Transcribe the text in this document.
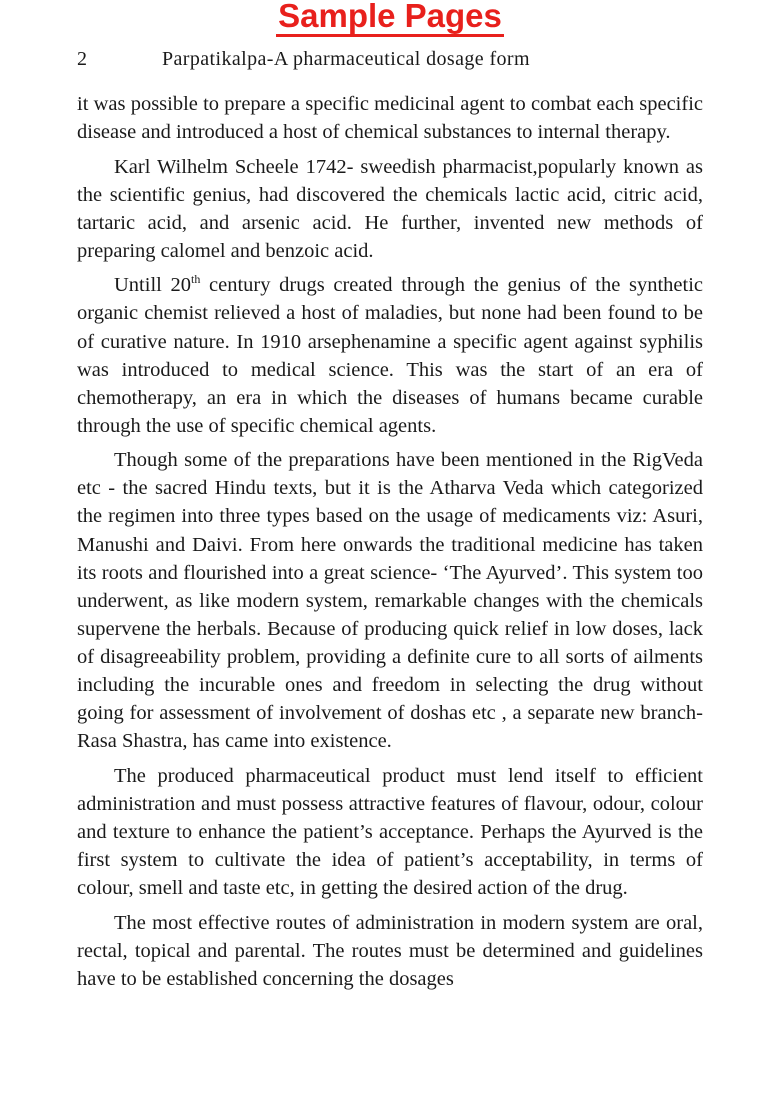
Sample Pages
2	Parpatikalpa-A pharmaceutical dosage form

it was possible to prepare a specific medicinal agent to combat each specific disease and introduced a host of chemical substances to internal therapy.

Karl Wilhelm Scheele 1742- sweedish pharmacist,popularly known as the scientific genius, had discovered the chemicals lactic acid, citric acid, tartaric acid, and arsenic acid. He further, invented new methods of preparing calomel and benzoic acid.

Untill 20th century drugs created through the genius of the synthetic organic chemist relieved a host of maladies, but none had been found to be of curative nature. In 1910 arsephenamine a specific agent against syphilis was introduced to medical science. This was the start of an era of chemotherapy, an era in which the diseases of humans became curable through the use of specific chemical agents.

Though some of the preparations have been mentioned in the RigVeda etc - the sacred Hindu texts, but it is the Atharva Veda which categorized the regimen into three types based on the usage of medicaments viz: Asuri, Manushi and Daivi. From here onwards the traditional medicine has taken its roots and flourished into a great science- ‘The Ayurved’. This system too underwent, as like modern system, remarkable changes with the chemicals supervene the herbals. Because of producing quick relief in low doses, lack of disagreeability problem, providing a definite cure to all sorts of ailments including the incurable ones and freedom in selecting the drug without going for assessment of involvement of doshas etc , a separate new branch- Rasa Shastra, has came into existence.

The produced pharmaceutical product must lend itself to efficient administration and must possess attractive features of flavour, odour, colour and texture to enhance the patient’s acceptance. Perhaps the Ayurved is the first system to cultivate the idea of patient’s acceptability, in terms of colour, smell and taste etc, in getting the desired action of the drug.

The most effective routes of administration in modern system are oral, rectal, topical and parental. The routes must be determined and guidelines have to be established concerning the dosages
